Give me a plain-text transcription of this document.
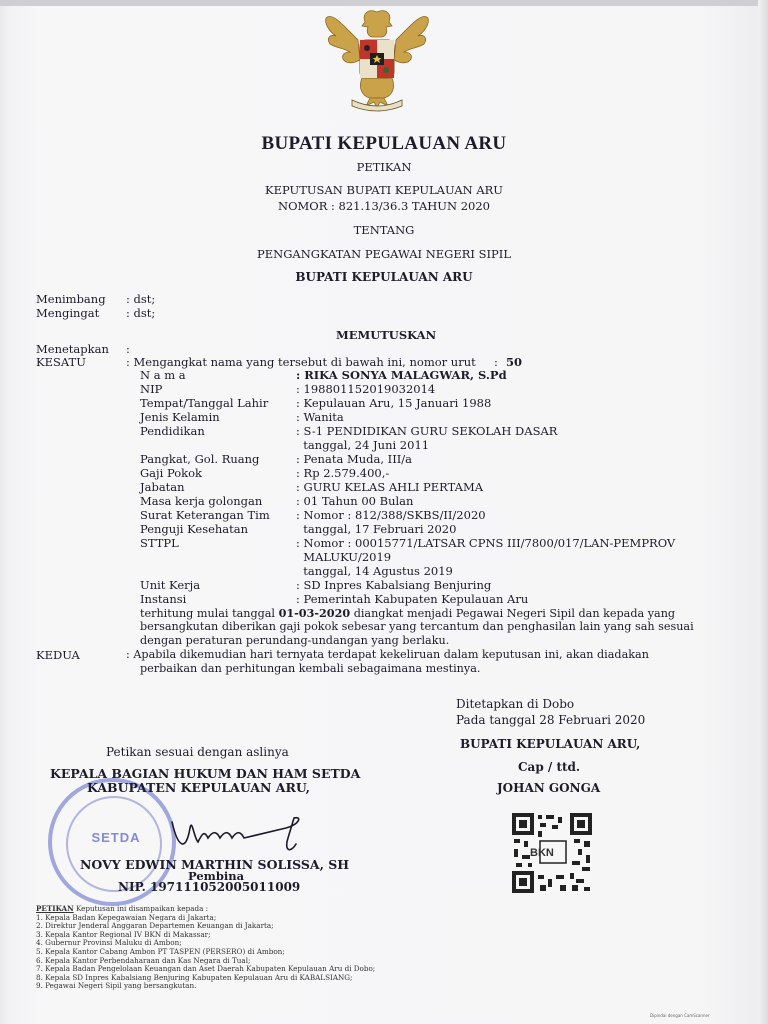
BUPATI KEPULAUAN ARU
PETIKAN
KEPUTUSAN BUPATI KEPULAUAN ARU
NOMOR : 821.13/36.3 TAHUN 2020
TENTANG
PENGANGKATAN PEGAWAI NEGERI SIPIL
BUPATI KEPULAUAN ARU
Menimbang : dst;
Mengingat : dst;
MEMUTUSKAN
Menetapkan :
KESATU	: Mengangkat nama yang tersebut di bawah ini, nomor urut : 50
N a m a	: RIKA SONYA MALAGWAR, S.Pd
NIP	: 198801152019032014
Tempat/Tanggal Lahir : Kepulauan Aru, 15 Januari 1988
Jenis Kelamin	: Wanita
Pendidikan	: S-1 PENDIDIKAN GURU SEKOLAH DASAR
tanggal, 24 Juni 2011
Pangkat, Gol. Ruang	: Penata Muda, III/a
Gaji Pokok	: Rp 2.579.400,-
Jabatan	: GURU KELAS AHLI PERTAMA
Masa kerja golongan	: 01 Tahun 00 Bulan
Surat Keterangan Tim : Nomor : 812/388/SKBS/II/2020
Penguji Kesehatan	tanggal, 17 Februari 2020
STTPL	: Nomor : 00015771/LATSAR CPNS III/7800/017/LAN-PEMPROV
MALUKU/2019
tanggal, 14 Agustus 2019
Unit Kerja	: SD Inpres Kabalsiang Benjuring
Instansi	: Pemerintah Kabupaten Kepulauan Aru
terhitung mulai tanggal 01-03-2020 diangkat menjadi Pegawai Negeri Sipil dan kepada yang
bersangkutan diberikan gaji pokok sebesar yang tercantum dan penghasilan lain yang sah sesuai
dengan peraturan perundang-undangan yang berlaku.
KEDUA	: Apabila dikemudian hari ternyata terdapat kekeliruan dalam keputusan ini, akan diadakan
perbaikan dan perhitungan kembali sebagaimana mestinya.
Ditetapkan di Dobo
Pada tanggal 28 Februari 2020
BUPATI KEPULAUAN ARU,
Cap / ttd.
JOHAN GONGA
BKN
Petikan sesuai dengan aslinya
SETDA
KEPALA BAGIAN HUKUM DAN HAM SETDA
KABUPATEN KEPULAUAN ARU,
NOVY EDWIN MARTHIN SOLISSA, SH
Pembina
NIP. 197111052005011009
PETIKAN Keputusan ini disampaikan kepada :
1. Kepala Badan Kepegawaian Negara di Jakarta;
2. Direktur Jenderal Anggaran Departemen Keuangan di Jakarta;
3. Kepala Kantor Regional IV BKN di Makassar;
4. Gubernur Provinsi Maluku di Ambon;
5. Kepala Kantor Cabang Ambon PT TASPEN (PERSERO) di Ambon;
6. Kepala Kantor Perbendaharaan dan Kas Negara di Tual;
7. Kepala Badan Pengelolaan Keuangan dan Aset Daerah Kabupaten Kepulauan Aru di Dobo;
8. Kepala SD Inpres Kabalsiang Benjuring Kabupaten Kepulauan Aru di KABALSIANG;
9. Pegawai Negeri Sipil yang bersangkutan.
Dipindai dengan CamScanner
